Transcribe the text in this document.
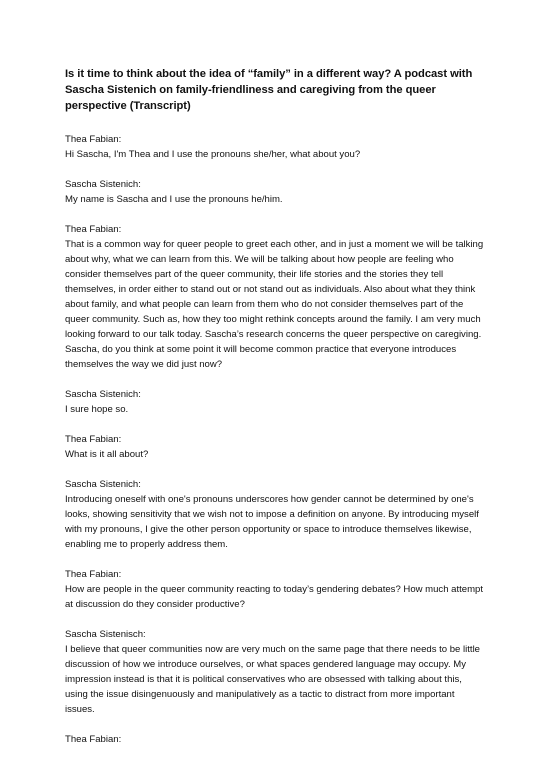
Is it time to think about the idea of “family” in a different way? A podcast with Sascha Sistenich on family-friendliness and caregiving from the queer perspective (Transcript)
Thea Fabian:
Hi Sascha, I'm Thea and I use the pronouns she/her, what about you?
Sascha Sistenich:
My name is Sascha and I use the pronouns he/him.
Thea Fabian:
That is a common way for queer people to greet each other, and in just a moment we will be talking about why, what we can learn from this. We will be talking about how people are feeling who consider themselves part of the queer community, their life stories and the stories they tell themselves, in order either to stand out or not stand out as individuals. Also about what they think about family, and what people can learn from them who do not consider themselves part of the queer community. Such as, how they too might rethink concepts around the family. I am very much looking forward to our talk today. Sascha’s research concerns the queer perspective on caregiving. Sascha, do you think at some point it will become common practice that everyone introduces themselves the way we did just now?
Sascha Sistenich:
I sure hope so.
Thea Fabian:
What is it all about?
Sascha Sistenich:
Introducing oneself with one's pronouns underscores how gender cannot be determined by one's looks, showing sensitivity that we wish not to impose a definition on anyone. By introducing myself with my pronouns, I give the other person opportunity or space to introduce themselves likewise, enabling me to properly address them.
Thea Fabian:
How are people in the queer community reacting to today’s gendering debates? How much attempt at discussion do they consider productive?
Sascha Sistenisch:
I believe that queer communities now are very much on the same page that there needs to be little discussion of how we introduce ourselves, or what spaces gendered language may occupy. My impression instead is that it is political conservatives who are obsessed with talking about this, using the issue disingenuously and manipulatively as a tactic to distract from more important issues.
Thea Fabian:
